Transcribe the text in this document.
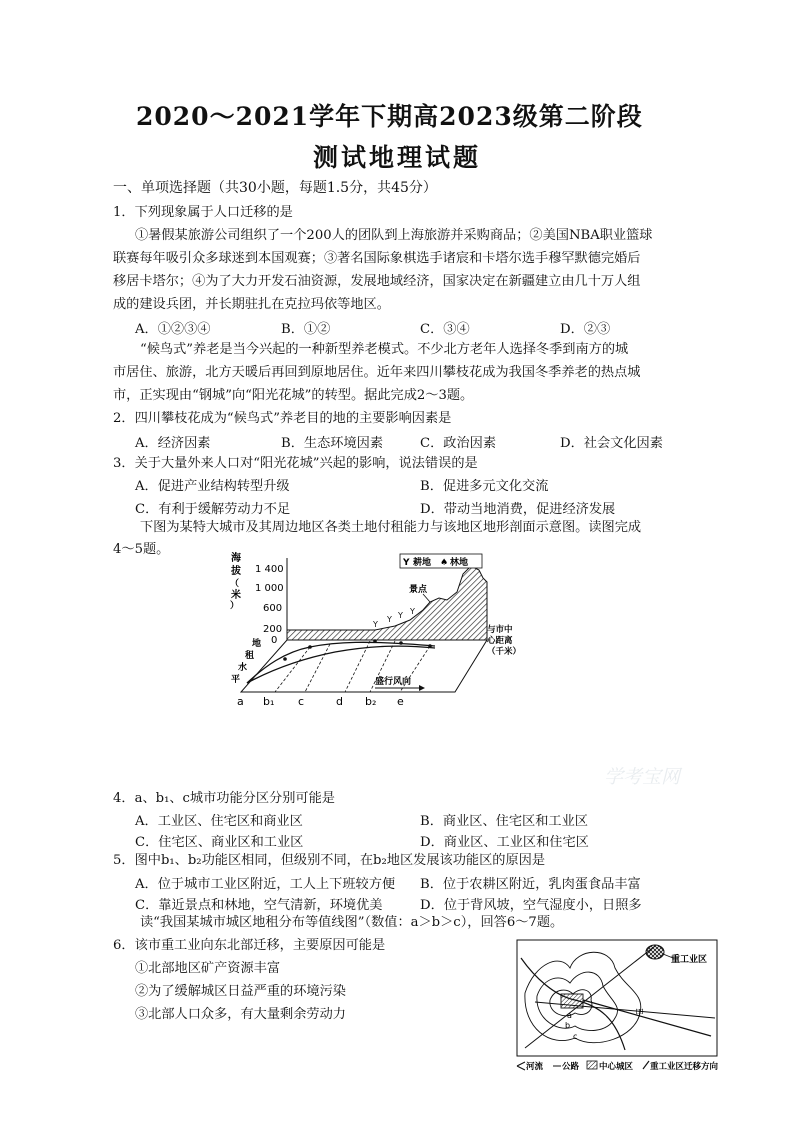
2020～2021学年下期高2023级第二阶段
测试地理试题
一、单项选择题（共30小题，每题1.5分，共45分）
1．下列现象属于人口迁移的是
①暑假某旅游公司组织了一个200人的团队到上海旅游并采购商品；②美国NBA职业篮球
联赛每年吸引众多球迷到本国观赛；③著名国际象棋选手诸宸和卡塔尔选手穆罕默德完婚后
移居卡塔尔；④为了大力开发石油资源，发展地域经济，国家决定在新疆建立由几十万人组
成的建设兵团，并长期驻扎在克拉玛依等地区。
A．①②③④	B．①②	C．③④	D．②③
“候鸟式”养老是当今兴起的一种新型养老模式。不少北方老年人选择冬季到南方的城
市居住、旅游，北方天暖后再回到原地居住。近年来四川攀枝花成为我国冬季养老的热点城
市，正实现由“钢城”向“阳光花城”的转型。据此完成2～3题。
2．四川攀枝花成为“候鸟式”养老目的地的主要影响因素是
A．经济因素	B．生态环境因素	C．政治因素	D．社会文化因素
3．关于大量外来人口对“阳光花城”兴起的影响，说法错误的是
A．促进产业结构转型升级	B．促进多元文化交流
C．有利于缓解劳动力不足	D．带动当地消费，促进经济发展
下图为某特大城市及其周边地区各类土地付租能力与该地区地形剖面示意图。读图完成
4～5题。
海
拔
（
米
）
1 400
1 000
600
200
0
Y
Y Y Y
Y 耕地 ♠ 林地
景点
与市中
心距离
（千米）
地
租
水
平	盛行风向
a b₁ c	d b₂ e
学考宝网
4．a、b₁、c城市功能分区分别可能是
A．工业区、住宅区和商业区	B．商业区、住宅区和工业区
C．住宅区、商业区和工业区	D．商业区、工业区和住宅区
5．图中b₁、b₂功能区相同，但级别不同，在b₂地区发展该功能区的原因是
A．位于城市工业区附近，工人上下班较方便 B．位于农耕区附近，乳肉蛋食品丰富
C．靠近景点和林地，空气清新，环境优美	D．位于背风坡，空气湿度小，日照多
读“我国某城市城区地租分布等值线图”（数值：a＞b＞c），回答6～7题。
6．该市重工业向东北部迁移，主要原因可能是
①北部地区矿产资源丰富
②为了缓解城区日益严重的环境污染
③北部人口众多，有大量剩余劳动力
重工业区
甲
a
b
c
河流 公路 中心城区 重工业区迁移方向
